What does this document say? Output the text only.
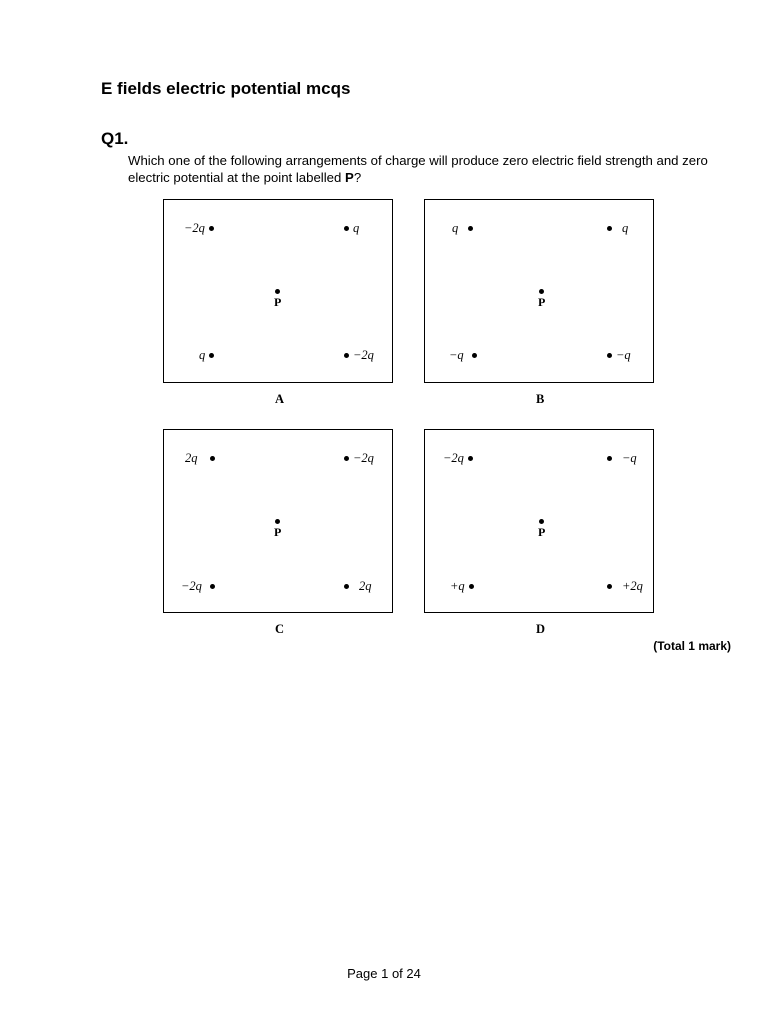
E fields electric potential mcqs
Q1.

Which one of the following arrangements of charge will produce zero electric field strength and zero electric potential at the point labelled P?

−2q	q
P
q	−2q
A
q	q
P
−q	−q
B
2q	−2q
P
−2q	2q
C
−2q	−q
P
+q	+2q
D
(Total 1 mark)
Page 1 of 24
